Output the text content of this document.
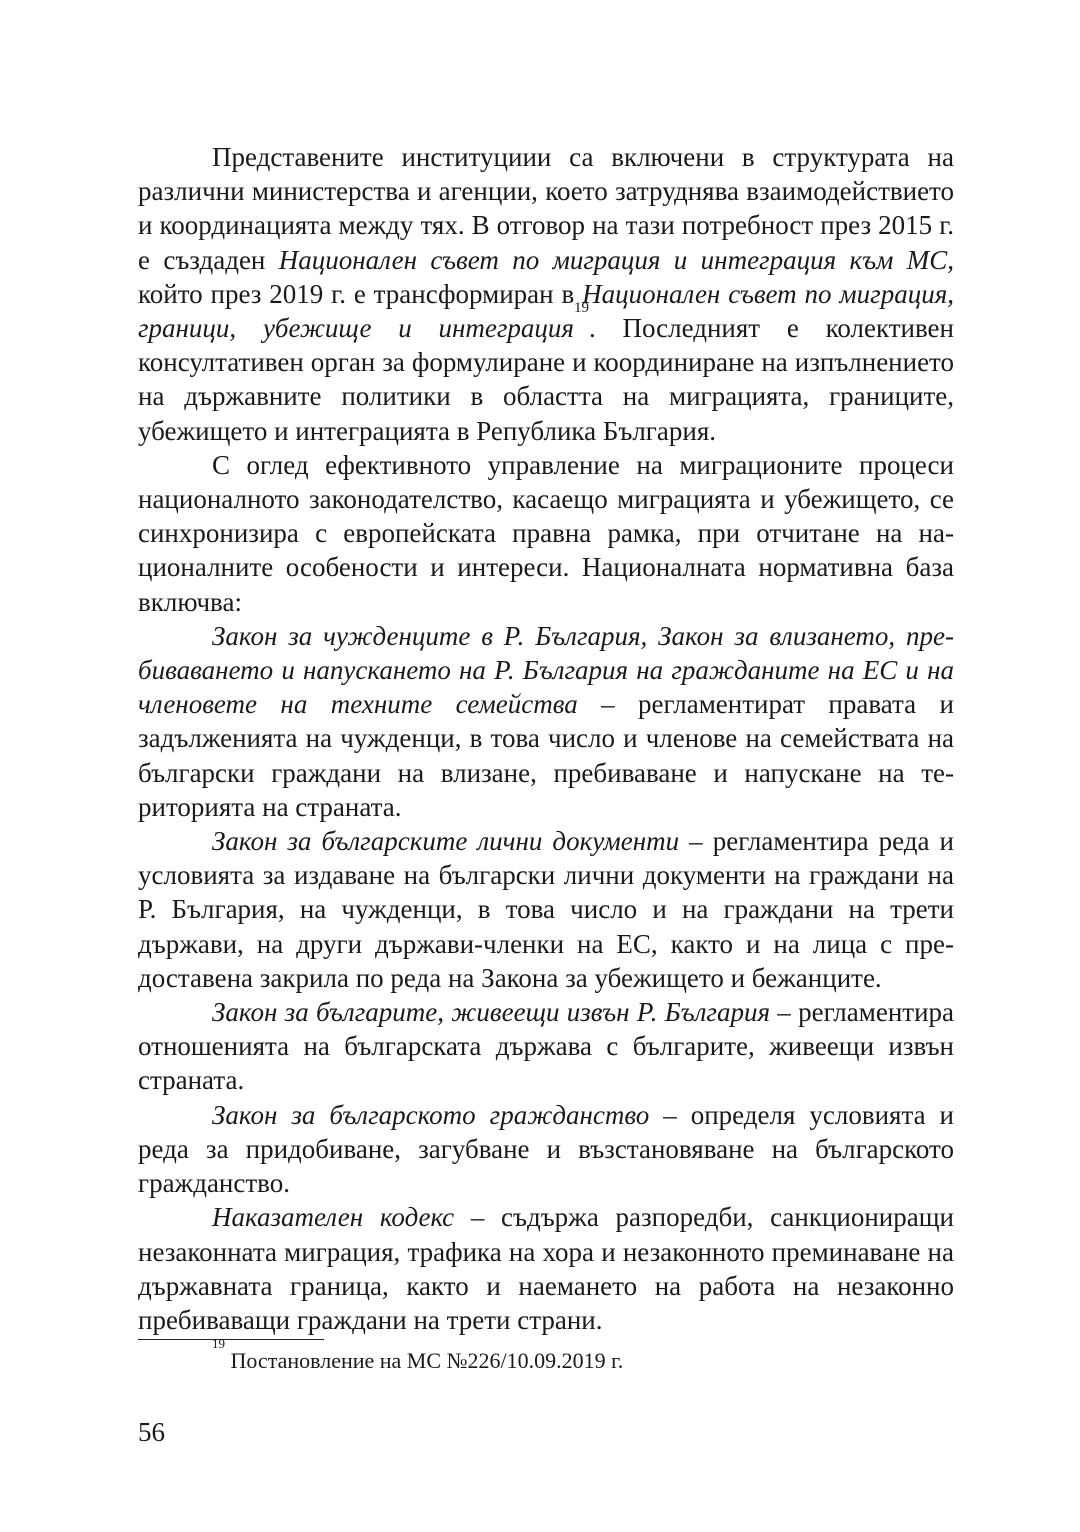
Представените институциии са включени в структурата на различни министерства и агенции, което затруднява взаимодействието и координацията между тях. В отговор на тази потребност през 2015 г. е създаден Национален съвет по миграция и интеграция към МС, който през 2019 г. е трансформиран в Национален съвет по миграция, граници, убежище и интеграция$^{19}$. Последният е колективен консултативен орган за формулиране и координиране на изпълнението на държавните политики в областта на миграцията, границите, убежището и интеграцията в Република България.

С оглед ефективното управление на миграционите процеси националното законодателство, касаещо миграцията и убежището, се синхронизира с европейската правна рамка, при отчитане на националните особености и интереси. Националната нормативна база включва:

Закон за чужденците в Р. България, Закон за влизането, пребиваването и напускането на Р. България на гражданите на ЕС и на членовете на техните семейства – регламентират правата и задълженията на чужденци, в това число и членове на семействата на български граждани на влизане, пребиваване и напускане на територията на страната.

Закон за българските лични документи – регламентира реда и условията за издаване на български лични документи на граждани на Р. България, на чужденци, в това число и на граждани на трети държави, на други държави-членки на ЕС, както и на лица с предоставена закрила по реда на Закона за убежището и бежанците.

Закон за българите, живеещи извън Р. България – регламентира отношенията на българската държава с българите, живеещи извън страната.

Закон за българското гражданство – определя условията и реда за придобиване, загубване и възстановяване на българското гражданство.

Наказателен кодекс – съдържа разпоредби, санкциониращи незаконната миграция, трафика на хора и незаконното преминаване на държавната граница, както и наемането на работа на незаконно пребиваващи граждани на трети страни.

$^{19}$ Постановление на МС №226/10.09.2019 г.
56
